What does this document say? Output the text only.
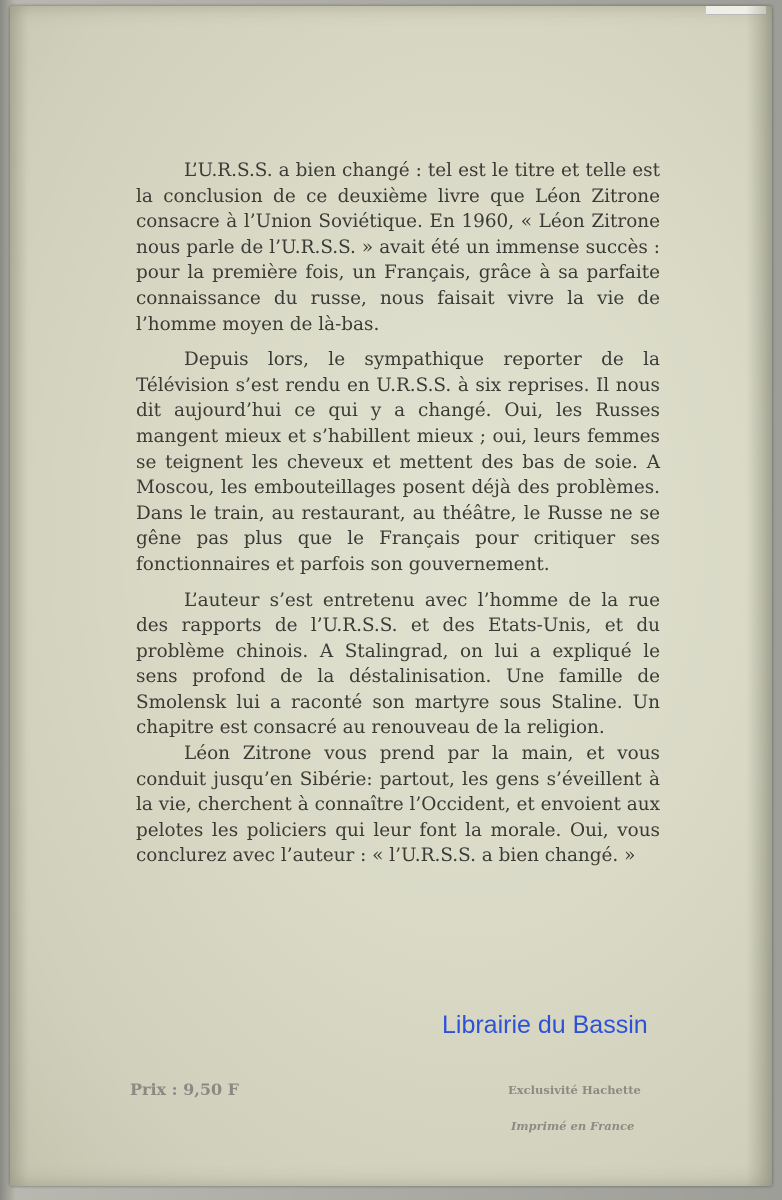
L’U.R.S.S. a bien changé : tel est le titre et telle est la conclusion de ce deuxième livre que Léon Zitrone consacre à l’Union Soviétique. En 1960, « Léon Zitrone nous parle de l’U.R.S.S. » avait été un immense succès : pour la première fois, un Français, grâce à sa parfaite connaissance du russe, nous faisait vivre la vie de l’homme moyen de là-bas.

Depuis lors, le sympathique reporter de la Télévision s’est rendu en U.R.S.S. à six reprises. Il nous dit aujourd’hui ce qui y a changé. Oui, les Russes mangent mieux et s’habillent mieux ; oui, leurs femmes se teignent les cheveux et mettent des bas de soie. A Moscou, les embouteillages posent déjà des problèmes. Dans le train, au restaurant, au théâtre, le Russe ne se gêne pas plus que le Français pour critiquer ses fonctionnaires et parfois son gouvernement.

L’auteur s’est entretenu avec l’homme de la rue des rapports de l’U.R.S.S. et des Etats-Unis, et du problème chinois. A Stalingrad, on lui a expliqué le sens profond de la déstalinisation. Une famille de Smolensk lui a raconté son martyre sous Staline. Un chapitre est consacré au renouveau de la religion.

Léon Zitrone vous prend par la main, et vous conduit jusqu’en Sibérie: partout, les gens s’éveillent à la vie, cherchent à connaître l’Occident, et envoient aux pelotes les policiers qui leur font la morale. Oui, vous conclurez avec l’auteur : « l’U.R.S.S. a bien changé. »

Librairie du Bassin
Prix : 9,50 F	Exclusivité Hachette
Imprimé en France
